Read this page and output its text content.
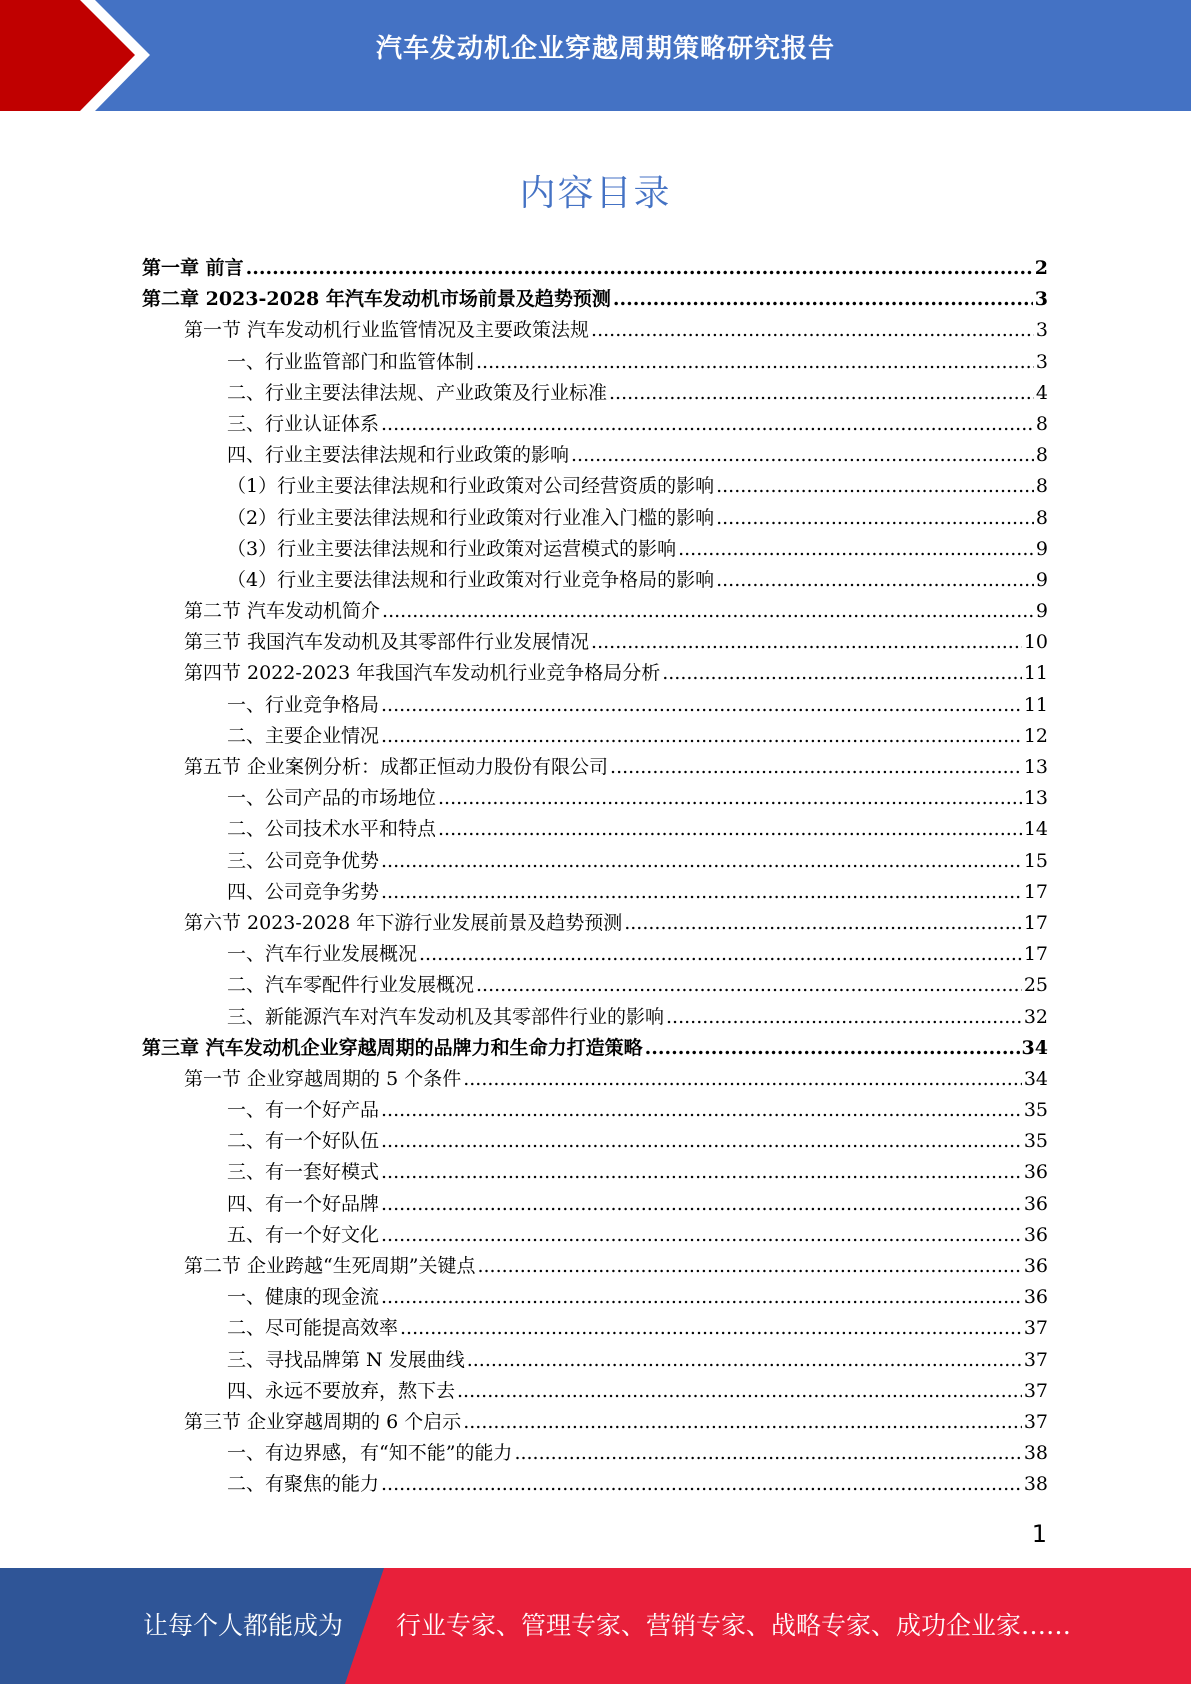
汽车发动机企业穿越周期策略研究报告
内容目录
第一章 前言 .....	2
第二章 2023-2028 年汽车发动机市场前景及趋势预测 .....	3
第一节 汽车发动机行业监管情况及主要政策法规 .....	3
一、行业监管部门和监管体制 .....	3
二、行业主要法律法规、产业政策及行业标准 .....	4
三、行业认证体系 .....	8
四、行业主要法律法规和行业政策的影响 .....	8
（1）行业主要法律法规和行业政策对公司经营资质的影响 .....	8
（2）行业主要法律法规和行业政策对行业准入门槛的影响 .....	8
（3）行业主要法律法规和行业政策对运营模式的影响 .....	9
（4）行业主要法律法规和行业政策对行业竞争格局的影响 .....	9
第二节 汽车发动机简介 .....	9
第三节 我国汽车发动机及其零部件行业发展情况 .....	10
第四节 2022-2023 年我国汽车发动机行业竞争格局分析 .....	11
一、行业竞争格局 .....	11
二、主要企业情况 .....	12
第五节 企业案例分析：成都正恒动力股份有限公司 .....	13
一、公司产品的市场地位 .....	13
二、公司技术水平和特点 .....	14
三、公司竞争优势 .....	15
四、公司竞争劣势 .....	17
第六节 2023-2028 年下游行业发展前景及趋势预测 .....	17
一、汽车行业发展概况 .....	17
二、汽车零配件行业发展概况 .....	25
三、新能源汽车对汽车发动机及其零部件行业的影响 .....	32
第三章 汽车发动机企业穿越周期的品牌力和生命力打造策略 .....	34
第一节 企业穿越周期的 5 个条件 .....	34
一、有一个好产品 .....	35
二、有一个好队伍 .....	35
三、有一套好模式 .....	36
四、有一个好品牌 .....	36
五、有一个好文化 .....	36
第二节 企业跨越“生死周期”关键点 .....	36
一、健康的现金流 .....	36
二、尽可能提高效率 .....	37
三、寻找品牌第 N 发展曲线 .....	37
四、永远不要放弃，熬下去 .....	37
第三节 企业穿越周期的 6 个启示 .....	37
一、有边界感，有“知不能”的能力 .....	38
二、有聚焦的能力 .....	38
1
让每个人都能成为 行业专家、管理专家、营销专家、战略专家、成功企业家……
